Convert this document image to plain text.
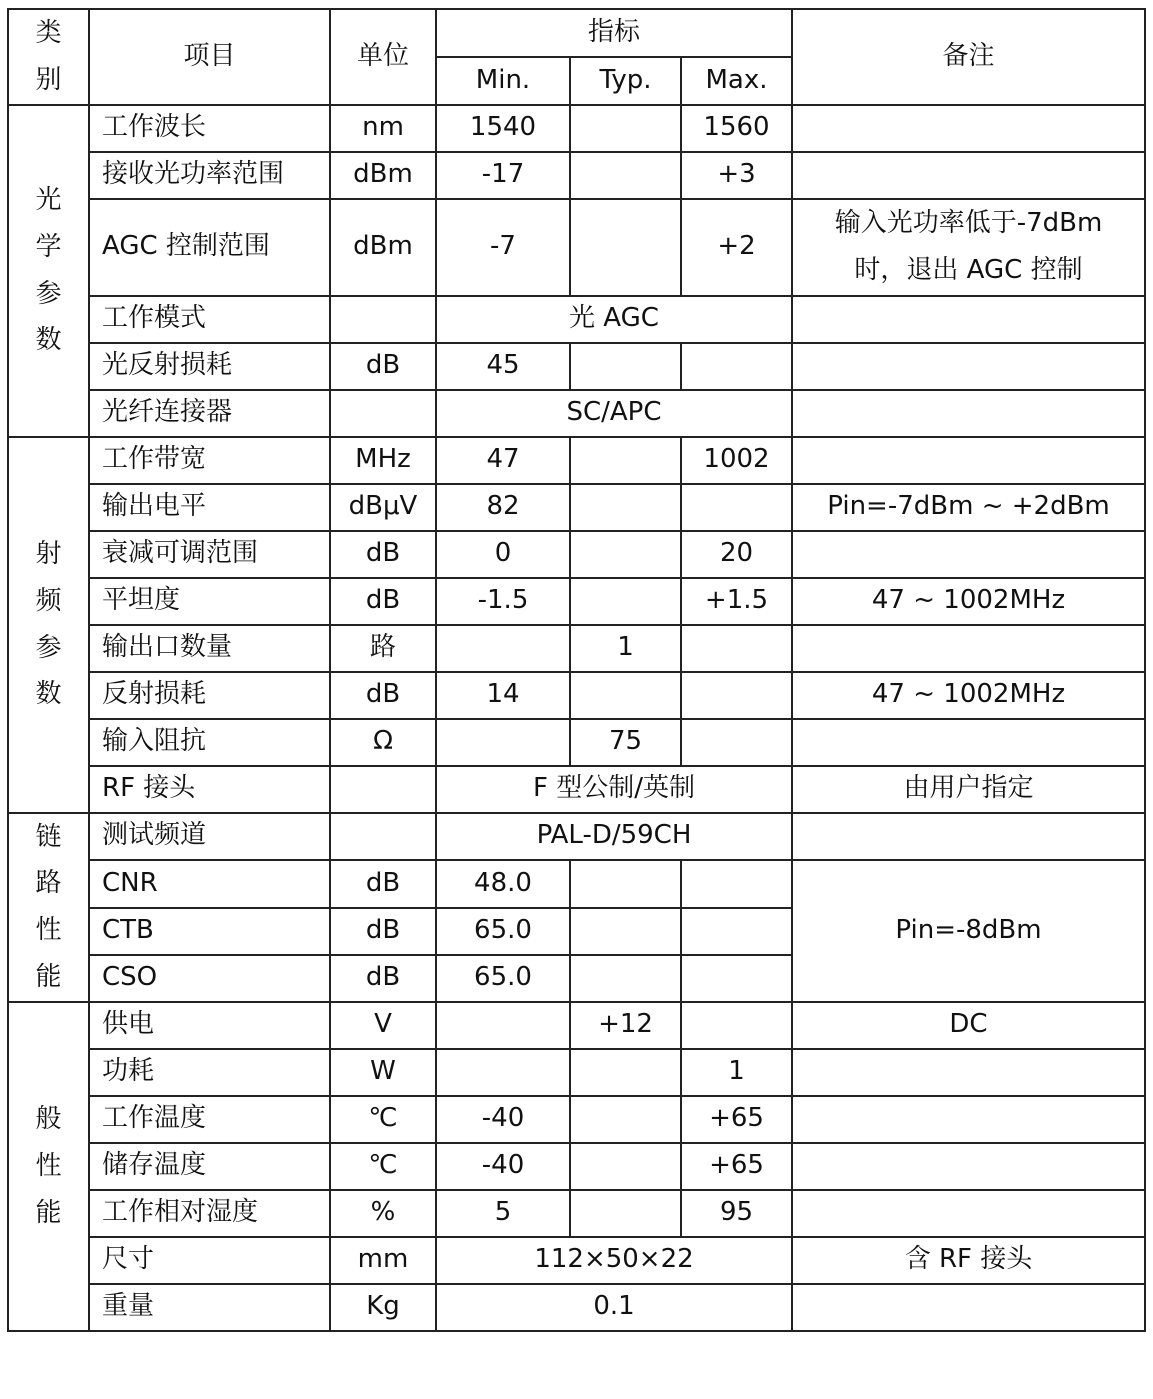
类别	项目	单位	指标			备注
			Min.	Typ.	Max.	

光学参数	工作波长	nm	1540		1560	
	接收光功率范围	dBm	-17		+3	
	AGC 控制范围	dBm	-7		+2	输入光功率低于-7dBm时，退出 AGC 控制
	工作模式		光 AGC			
	光反射损耗	dB	45			
	光纤连接器		SC/APC			

射频参数	工作带宽	MHz	47		1002	
	输出电平	dBμV	82			Pin=-7dBm ~ +2dBm
	衰减可调范围	dB	0		20	
	平坦度	dB	-1.5		+1.5	47 ~ 1002MHz
	输出口数量	路		1		
	反射损耗	dB	14			47 ~ 1002MHz
	输入阻抗	Ω		75		
	RF 接头		F 型公制/英制			由用户指定

链路性能	测试频道		PAL-D/59CH			
	CNR	dB	48.0			Pin=-8dBm
	CTB	dB	65.0			
	CSO	dB	65.0			

般性能	供电	V		+12		DC
	功耗	W			1	
	工作温度	℃	-40		+65	
	储存温度	℃	-40		+65	
	工作相对湿度	%	5		95	
	尺寸	mm	112×50×22			含 RF 接头
	重量	Kg	0.1			
